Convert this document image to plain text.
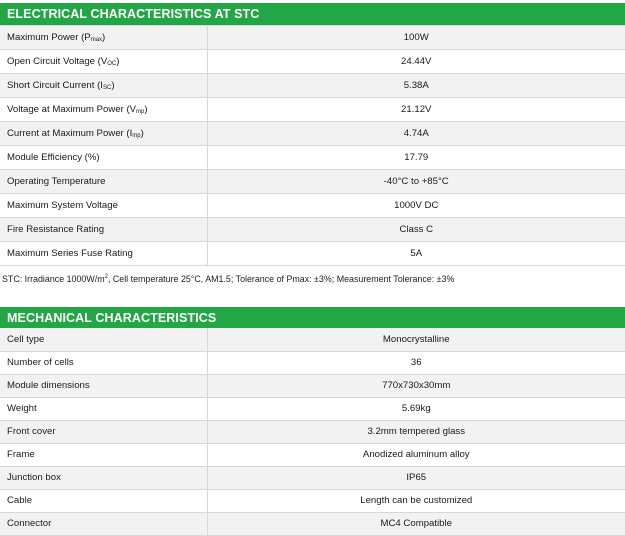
ELECTRICAL CHARACTERISTICS AT STC
Maximum Power $(P_{max})$	100W
Open Circuit Voltage $(V_{OC})$	24.44V
Short Circuit Current $(I_{SC})$	5.38A
Voltage at Maximum Power $(V_{mp})$	21.12V
Current at Maximum Power $(I_{mp})$	4.74A
Module Efficiency (%)	17.79
Operating Temperature	-40°C to +85°C
Maximum System Voltage	1000V DC
Fire Resistance Rating	Class C
Maximum Series Fuse Rating	5A
STC: Irradiance $1000W/m^2$, Cell temperature 25°C, AM1.5; Tolerance of Pmax: ±3%; Measurement Tolerance: ±3%
MECHANICAL CHARACTERISTICS
Cell type	Monocrystalline
Number of cells	36
Module dimensions	770x730x30mm
Weight	5.69kg
Front cover	3.2mm tempered glass
Frame	Anodized aluminum alloy
Junction box	IP65
Cable	Length can be customized
Connector	MC4 Compatible
